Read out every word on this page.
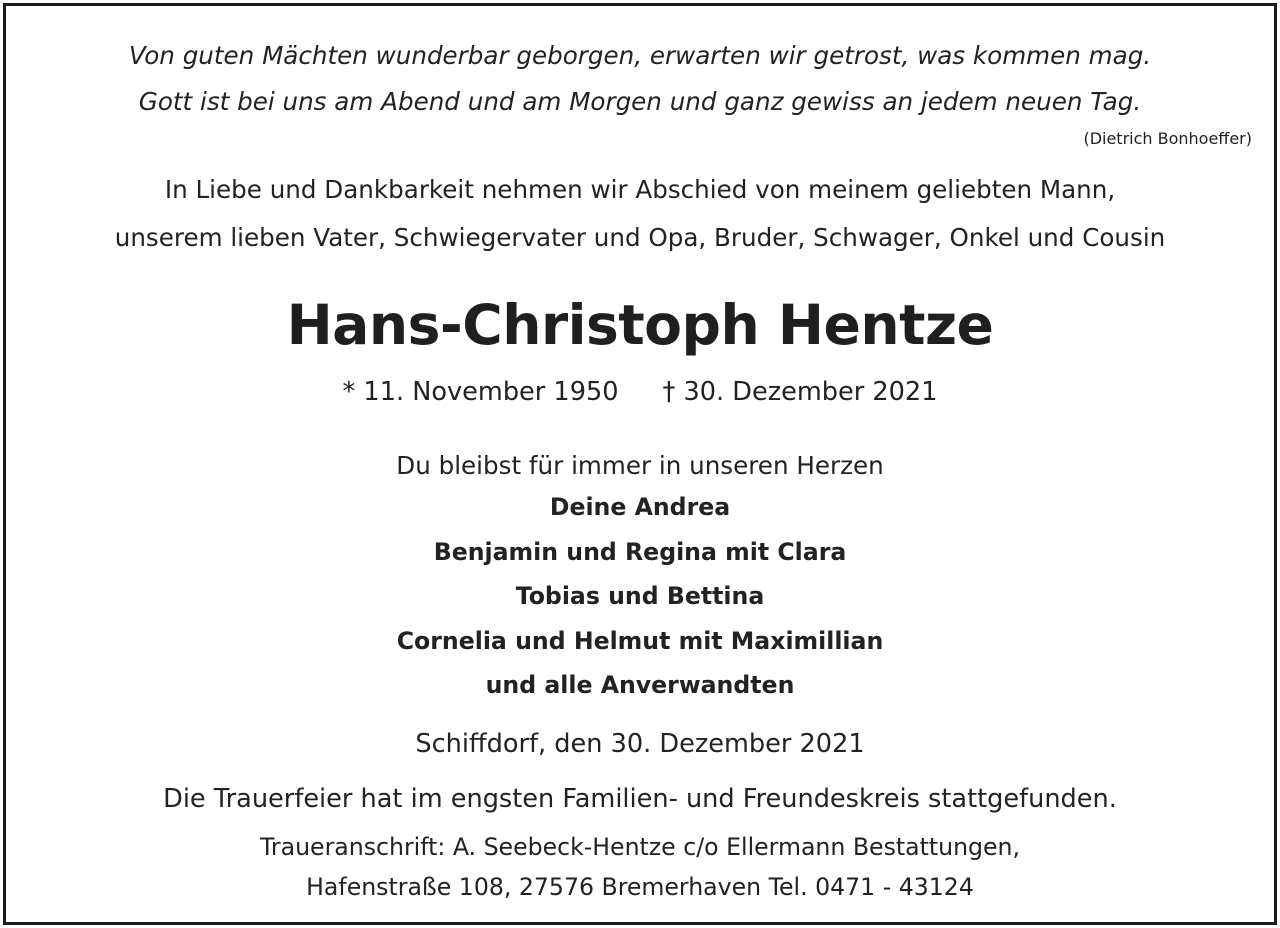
Von guten Mächten wunderbar geborgen, erwarten wir getrost, was kommen mag.
Gott ist bei uns am Abend und am Morgen und ganz gewiss an jedem neuen Tag.
(Dietrich Bonhoeffer)
In Liebe und Dankbarkeit nehmen wir Abschied von meinem geliebten Mann,
unserem lieben Vater, Schwiegervater und Opa, Bruder, Schwager, Onkel und Cousin
Hans-Christoph Hentze
* 11. November 1950 † 30. Dezember 2021
Du bleibst für immer in unseren Herzen
Deine Andrea
Benjamin und Regina mit Clara
Tobias und Bettina
Cornelia und Helmut mit Maximillian
und alle Anverwandten
Schiffdorf, den 30. Dezember 2021
Die Trauerfeier hat im engsten Familien- und Freundeskreis stattgefunden.
Traueranschrift: A. Seebeck-Hentze c/o Ellermann Bestattungen,
Hafenstraße 108, 27576 Bremerhaven Tel. 0471 - 43124
